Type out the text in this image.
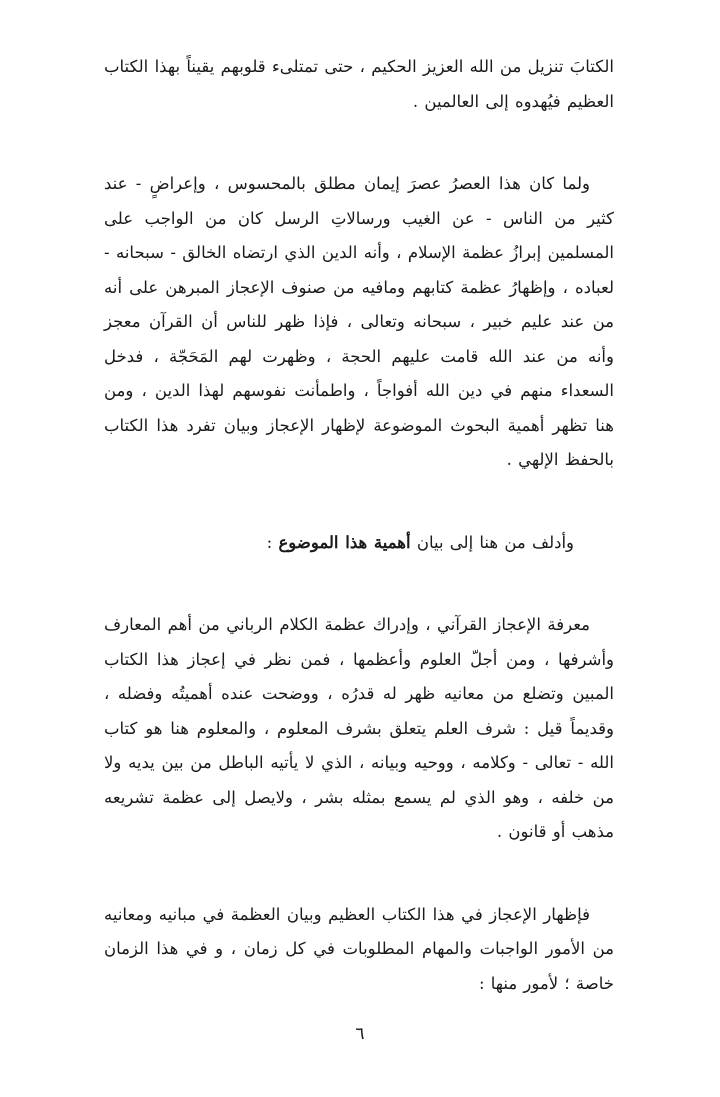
الكتابَ تنزيل من الله العزيز الحكيم ، حتى تمتلىء قلوبهم يقيناً بهذا الكتاب العظيم فيُهدوه إلى العالمين .

ولما كان هذا العصرُ عصرَ إيمان مطلق بالمحسوس ، وإعراضٍ - عند كثير من الناس - عن الغيب ورسالاتِ الرسل كان من الواجب على المسلمين إبرازُ عظمة الإسلام ، وأنه الدين الذي ارتضاه الخالق - سبحانه - لعباده ، وإظهارُ عظمة كتابهم ومافيه من صنوف الإعجاز المبرهن على أنه من عند عليم خبير ، سبحانه وتعالى ، فإذا ظهر للناس أن القرآن معجز وأنه من عند الله قامت عليهم الحجة ، وظهرت لهم المَحَجّة ، فدخل السعداء منهم في دين الله أفواجاً ، واطمأنت نفوسهم لهذا الدين ، ومن هنا تظهر أهمية البحوث الموضوعة لإظهار الإعجاز وبيان تفرد هذا الكتاب بالحفظ الإلهي .

وأدلف من هنا إلى بيان أهمية هذا الموضوع :

معرفة الإعجاز القرآني ، وإدراك عظمة الكلام الرباني من أهم المعارف وأشرفها ، ومن أجلّ العلوم وأعظمها ، فمن نظر في إعجاز هذا الكتاب المبين وتضلع من معانيه ظهر له قدرُه ، ووضحت عنده أهميتُه وفضله ، وقديماً قيل : شرف العلم يتعلق بشرف المعلوم ، والمعلوم هنا هو كتاب الله - تعالى - وكلامه ، ووحيه وبيانه ، الذي لا يأتيه الباطل من بين يديه ولا من خلفه ، وهو الذي لم يسمع بمثله بشر ، ولايصل إلى عظمة تشريعه مذهب أو قانون .

فإظهار الإعجاز في هذا الكتاب العظيم وبيان العظمة في مبانيه ومعانيه من الأمور الواجبات والمهام المطلوبات في كل زمان ، و في هذا الزمان خاصة ؛ لأمور منها :

٦
